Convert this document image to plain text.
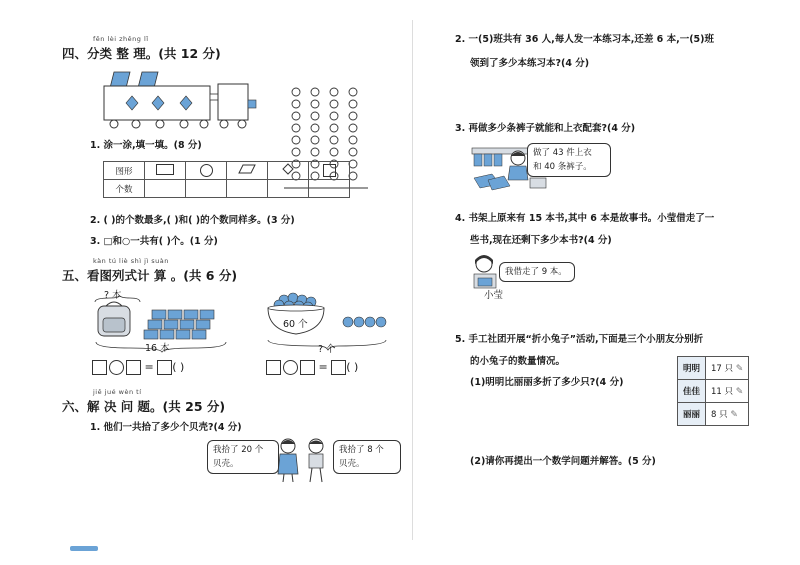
fēn lèi zhěng lǐ
四、分类 整 理。(共 12 分)
1. 涂一涂,填一填。(8 分)
图形					
个数					
2. ( )的个数最多,( )和( )的个数同样多。(3 分)
3. □和○一共有( )个。(1 分)
kàn tú liè shì jì suàn
五、看图列式计 算 。(共 6 分)
? 本
16 本
= ( )
60 个
? 个
= ( )
jiě jué wèn tí
六、解 决 问 题。(共 25 分)
1. 他们一共拾了多少个贝壳?(4 分)
我拾了 20 个
贝壳。
我拾了 8 个
贝壳。
2. 一(5)班共有 36 人,每人发一本练习本,还差 6 本,一(5)班
领到了多少本练习本?(4 分)
3. 再做多少条裤子就能和上衣配套?(4 分)
做了 43 件上衣
和 40 条裤子。
4. 书架上原来有 15 本书,其中 6 本是故事书。小莹借走了一
些书,现在还剩下多少本书?(4 分)
我借走了 9 本。
小莹
5. 手工社团开展“折小兔子”活动,下面是三个小朋友分别折
的小兔子的数量情况。
(1)明明比丽丽多折了多少只?(4 分)
明明	17 只 ✎
佳佳	11 只 ✎
丽丽	8 只 ✎
(2)请你再提出一个数学问题并解答。(5 分)
